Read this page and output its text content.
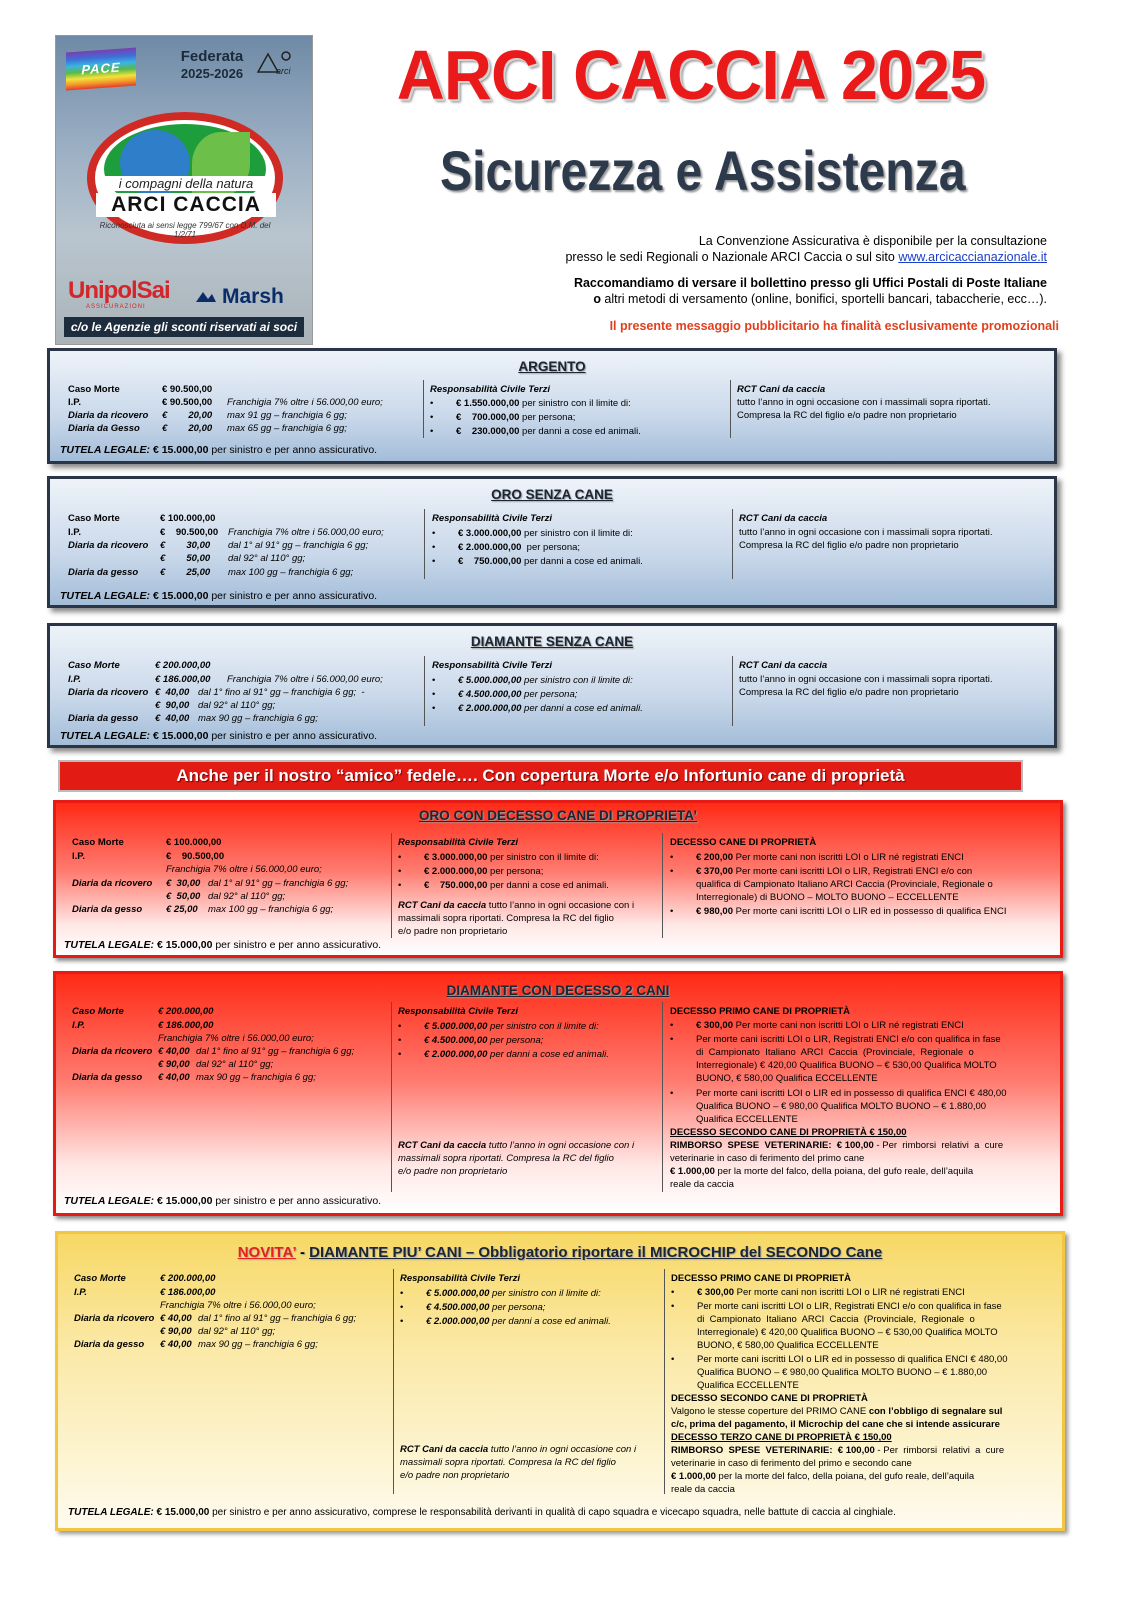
PACE
Federata
2025-2026	arci
i compagni della natura
ARCI CACCIA
Riconosciuta ai sensi legge 799/67 con D.M. del 1/2/71
UnipolSai
ASSICURAZIONI	Marsh
c/o le Agenzie gli sconti riservati ai soci
ARCI CACCIA 2025
Sicurezza e Assistenza
La Convenzione Assicurativa è disponibile per la consultazione
presso le sedi Regionali o Nazionale ARCI Caccia o sul sito www.arcicaccianazionale.it
Raccomandiamo di versare il bollettino presso gli Uffici Postali di Poste Italiane
o altri metodi di versamento (online, bonifici, sportelli bancari, tabaccherie, ecc…).
Il presente messaggio pubblicitario ha finalità esclusivamente promozionali
ARGENTO
Caso Morte	€ 90.500,00
I.P.	€ 90.500,00 Franchigia 7% oltre i 56.000,00 euro;
Diaria da ricovero €        20,00 max 91 gg – franchigia 6 gg;
Diaria da Gesso €        20,00 max 65 gg – franchigia 6 gg;
Responsabilità Civile Terzi
• € 1.550.000,00 per sinistro con il limite di:
• €    700.000,00 per persona;
• €    230.000,00 per danni a cose ed animali.
RCT Cani da caccia
tutto l’anno in ogni occasione con i massimali sopra riportati.
Compresa la RC del figlio e/o padre non proprietario
TUTELA LEGALE: € 15.000,00 per sinistro e per anno assicurativo.
ORO SENZA CANE
Caso Morte	€ 100.000,00
I.P.	€    90.500,00 Franchigia 7% oltre i 56.000,00 euro;
Diaria da ricovero €        30,00 dal 1° al 91° gg – franchigia 6 gg;
€        50,00 dal 92° al 110° gg;
Diaria da gesso €        25,00 max 100 gg – franchigia 6 gg;
Responsabilità Civile Terzi
• € 3.000.000,00 per sinistro con il limite di:
• € 2.000.000,00  per persona;
• €    750.000,00 per danni a cose ed animali.
RCT Cani da caccia
tutto l’anno in ogni occasione con i massimali sopra riportati.
Compresa la RC del figlio e/o padre non proprietario
TUTELA LEGALE: € 15.000,00 per sinistro e per anno assicurativo.
DIAMANTE SENZA CANE
Caso Morte	€ 200.000,00
I.P.	€ 186.000,00 Franchigia 7% oltre i 56.000,00 euro;
Diaria da ricovero €  40,00 dal 1° fino al 91° gg – franchigia 6 gg;  -
€  90,00 dal 92° al 110° gg;
Diaria da gesso €  40,00 max 90 gg – franchigia 6 gg;
Responsabilità Civile Terzi
• € 5.000.000,00 per sinistro con il limite di:
• € 4.500.000,00 per persona;
• € 2.000.000,00 per danni a cose ed animali.
RCT Cani da caccia
tutto l’anno in ogni occasione con i massimali sopra riportati.
Compresa la RC del figlio e/o padre non proprietario
TUTELA LEGALE: € 15.000,00 per sinistro e per anno assicurativo.
Anche per il nostro “amico” fedele…. Con copertura Morte e/o Infortunio cane di proprietà
ORO CON DECESSO CANE DI PROPRIETA’
Caso Morte	€ 100.000,00
I.P.	€    90.500,00
Franchigia 7% oltre i 56.000,00 euro;
Diaria da ricovero €  30,00 dal 1° al 91° gg – franchigia 6 gg;
€  50,00 dal 92° al 110° gg;
Diaria da gesso	€ 25,00 max 100 gg – franchigia 6 gg;
Responsabilità Civile Terzi
• € 3.000.000,00 per sinistro con il limite di:
• € 2.000.000,00 per persona;
• €    750.000,00 per danni a cose ed animali.
RCT Cani da caccia tutto l’anno in ogni occasione con i
massimali sopra riportati. Compresa la RC del figlio
e/o padre non proprietario
DECESSO CANE DI PROPRIETÀ
• € 200,00 Per morte cani non iscritti LOI o LIR né registrati ENCI
• € 370,00 Per morte cani iscritti LOI o LIR, Registrati ENCI e/o con
qualifica di Campionato Italiano ARCI Caccia (Provinciale, Regionale o
Interregionale) di BUONO – MOLTO BUONO – ECCELLENTE
• € 980,00 Per morte cani iscritti LOI o LIR ed in possesso di qualifica ENCI
TUTELA LEGALE: € 15.000,00 per sinistro e per anno assicurativo.
DIAMANTE CON DECESSO 2 CANI
Caso Morte	€ 200.000,00
I.P.	€ 186.000,00
Franchigia 7% oltre i 56.000,00 euro;
Diaria da ricovero € 40,00 dal 1° fino al 91° gg – franchigia 6 gg;
€ 90,00 dal 92° al 110° gg;
Diaria da gesso € 40,00 max 90 gg – franchigia 6 gg;
Responsabilità Civile Terzi
• € 5.000.000,00 per sinistro con il limite di:
• € 4.500.000,00 per persona;
• € 2.000.000,00 per danni a cose ed animali.
RCT Cani da caccia tutto l’anno in ogni occasione con i
massimali sopra riportati. Compresa la RC del figlio
e/o padre non proprietario
DECESSO PRIMO CANE DI PROPRIETÀ
• € 300,00 Per morte cani non iscritti LOI o LIR né registrati ENCI
• Per morte cani iscritti LOI o LIR, Registrati ENCI e/o con qualifica in fase
di  Campionato  Italiano  ARCI  Caccia  (Provinciale,  Regionale  o
Interregionale) € 420,00 Qualifica BUONO – € 530,00 Qualifica MOLTO
BUONO, € 580,00 Qualifica ECCELLENTE
• Per morte cani iscritti LOI o LIR ed in possesso di qualifica ENCI € 480,00
Qualifica BUONO – € 980,00 Qualifica MOLTO BUONO – € 1.880,00
Qualifica ECCELLENTE
DECESSO SECONDO CANE DI PROPRIETÀ € 150,00
RIMBORSO  SPESE  VETERINARIE:  € 100,00 - Per  rimborsi  relativi  a  cure
veterinarie in caso di ferimento del primo cane
€ 1.000,00 per la morte del falco, della poiana, del gufo reale, dell’aquila
reale da caccia
TUTELA LEGALE: € 15.000,00 per sinistro e per anno assicurativo.
NOVITA’ - DIAMANTE PIU’ CANI – Obbligatorio riportare il MICROCHIP del SECONDO Cane
Caso Morte	€ 200.000,00
I.P.	€ 186.000,00
Franchigia 7% oltre i 56.000,00 euro;
Diaria da ricovero € 40,00 dal 1° fino al 91° gg – franchigia 6 gg;
€ 90,00 dal 92° al 110° gg;
Diaria da gesso € 40,00 max 90 gg – franchigia 6 gg;
Responsabilità Civile Terzi
• € 5.000.000,00 per sinistro con il limite di:
• € 4.500.000,00 per persona;
• € 2.000.000,00 per danni a cose ed animali.
RCT Cani da caccia tutto l’anno in ogni occasione con i
massimali sopra riportati. Compresa la RC del figlio
e/o padre non proprietario
DECESSO PRIMO CANE DI PROPRIETÀ
• € 300,00 Per morte cani non iscritti LOI o LIR né registrati ENCI
• Per morte cani iscritti LOI o LIR, Registrati ENCI e/o con qualifica in fase
di  Campionato  Italiano  ARCI  Caccia  (Provinciale,  Regionale  o
Interregionale) € 420,00 Qualifica BUONO – € 530,00 Qualifica MOLTO
BUONO, € 580,00 Qualifica ECCELLENTE
• Per morte cani iscritti LOI o LIR ed in possesso di qualifica ENCI € 480,00
Qualifica BUONO – € 980,00 Qualifica MOLTO BUONO – € 1.880,00
Qualifica ECCELLENTE
DECESSO SECONDO CANE DI PROPRIETÀ
Valgono le stesse coperture del PRIMO CANE con l’obbligo di segnalare sul
c/c, prima del pagamento, il Microchip del cane che si intende assicurare
DECESSO TERZO CANE DI PROPRIETÀ € 150,00
RIMBORSO  SPESE  VETERINARIE:  € 100,00 - Per  rimborsi  relativi  a  cure
veterinarie in caso di ferimento del primo e secondo cane
€ 1.000,00 per la morte del falco, della poiana, del gufo reale, dell’aquila
reale da caccia
TUTELA LEGALE: € 15.000,00 per sinistro e per anno assicurativo, comprese le responsabilità derivanti in qualità di capo squadra e vicecapo squadra, nelle battute di caccia al cinghiale.
